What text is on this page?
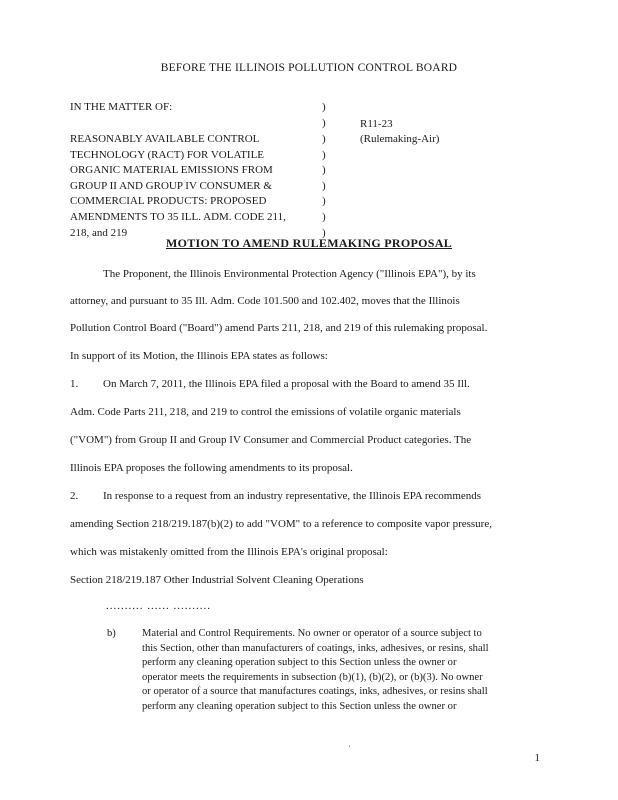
BEFORE THE ILLINOIS POLLUTION CONTROL BOARD
IN THE MATTER OF:
REASONABLY AVAILABLE CONTROL
TECHNOLOGY (RACT) FOR VOLATILE
ORGANIC MATERIAL EMISSIONS FROM
GROUP II AND GROUP IV CONSUMER &
COMMERCIAL PRODUCTS: PROPOSED
AMENDMENTS TO 35 ILL. ADM. CODE 211,
218, and 219
)
)
)
)
)
)
)
)
)
R11-23
(Rulemaking-Air)
MOTION TO AMEND RULEMAKING PROPOSAL
The Proponent, the Illinois Environmental Protection Agency ("Illinois EPA"), by its
attorney, and pursuant to 35 Ill. Adm. Code 101.500 and 102.402, moves that the Illinois
Pollution Control Board ("Board") amend Parts 211, 218, and 219 of this rulemaking proposal.
In support of its Motion, the Illinois EPA states as follows:
1. On March 7, 2011, the Illinois EPA filed a proposal with the Board to amend 35 Ill.
Adm. Code Parts 211, 218, and 219 to control the emissions of volatile organic materials
("VOM") from Group II and Group IV Consumer and Commercial Product categories. The
Illinois EPA proposes the following amendments to its proposal.
2. In response to a request from an industry representative, the Illinois EPA recommends
amending Section 218/219.187(b)(2) to add "VOM" to a reference to composite vapor pressure,
which was mistakenly omitted from the Illinois EPA's original proposal:
Section 218/219.187 Other Industrial Solvent Cleaning Operations
.......... ...... ..........
b) Material and Control Requirements. No owner or operator of a source subject to
this Section, other than manufacturers of coatings, inks, adhesives, or resins, shall
perform any cleaning operation subject to this Section unless the owner or
operator meets the requirements in subsection (b)(1), (b)(2), or (b)(3). No owner
or operator of a source that manufactures coatings, inks, adhesives, or resins shall
perform any cleaning operation subject to this Section unless the owner or
·
1
